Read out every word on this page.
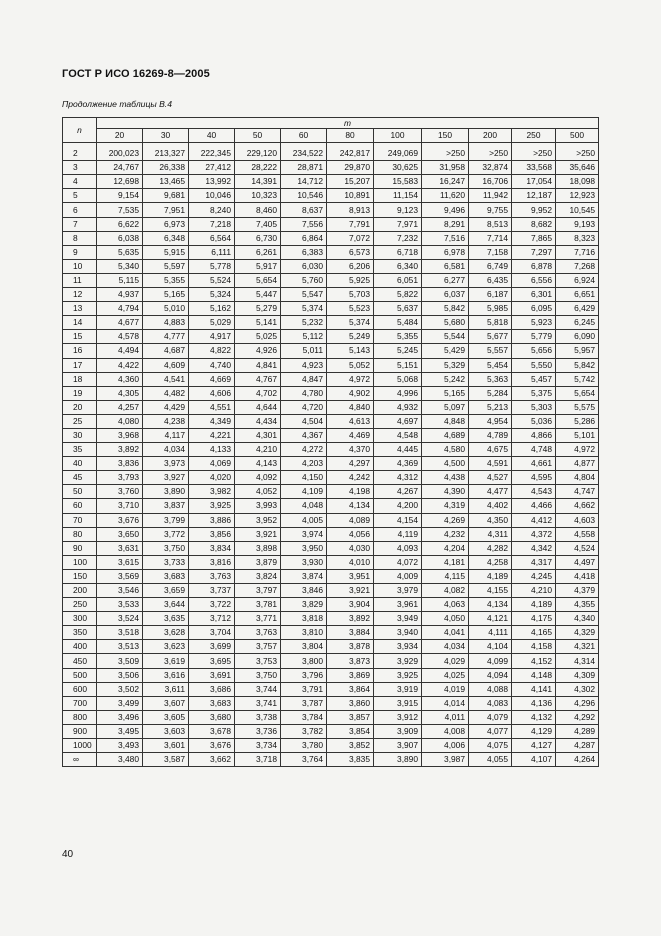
ГОСТ Р ИСО 16269-8—2005
Продолжение таблицы В.4
n	m										
	20	30	40	50	60	80	100	150	200	250	500
2	200,023	213,327	222,345	229,120	234,522	242,817	249,069	>250	>250	>250	>250
3	24,767	26,338	27,412	28,222	28,871	29,870	30,625	31,958	32,874	33,568	35,646
4	12,698	13,465	13,992	14,391	14,712	15,207	15,583	16,247	16,706	17,054	18,098
5	9,154	9,681	10,046	10,323	10,546	10,891	11,154	11,620	11,942	12,187	12,923
6	7,535	7,951	8,240	8,460	8,637	8,913	9,123	9,496	9,755	9,952	10,545
7	6,622	6,973	7,218	7,405	7,556	7,791	7,971	8,291	8,513	8,682	9,193
8	6,038	6,348	6,564	6,730	6,864	7,072	7,232	7,516	7,714	7,865	8,323
9	5,635	5,915	6,111	6,261	6,383	6,573	6,718	6,978	7,158	7,297	7,716
10	5,340	5,597	5,778	5,917	6,030	6,206	6,340	6,581	6,749	6,878	7,268
11	5,115	5,355	5,524	5,654	5,760	5,925	6,051	6,277	6,435	6,556	6,924
12	4,937	5,165	5,324	5,447	5,547	5,703	5,822	6,037	6,187	6,301	6,651
13	4,794	5,010	5,162	5,279	5,374	5,523	5,637	5,842	5,985	6,095	6,429
14	4,677	4,883	5,029	5,141	5,232	5,374	5,484	5,680	5,818	5,923	6,245
15	4,578	4,777	4,917	5,025	5,112	5,249	5,355	5,544	5,677	5,779	6,090
16	4,494	4,687	4,822	4,926	5,011	5,143	5,245	5,429	5,557	5,656	5,957
17	4,422	4,609	4,740	4,841	4,923	5,052	5,151	5,329	5,454	5,550	5,842
18	4,360	4,541	4,669	4,767	4,847	4,972	5,068	5,242	5,363	5,457	5,742
19	4,305	4,482	4,606	4,702	4,780	4,902	4,996	5,165	5,284	5,375	5,654
20	4,257	4,429	4,551	4,644	4,720	4,840	4,932	5,097	5,213	5,303	5,575
25	4,080	4,238	4,349	4,434	4,504	4,613	4,697	4,848	4,954	5,036	5,286
30	3,968	4,117	4,221	4,301	4,367	4,469	4,548	4,689	4,789	4,866	5,101
35	3,892	4,034	4,133	4,210	4,272	4,370	4,445	4,580	4,675	4,748	4,972
40	3,836	3,973	4,069	4,143	4,203	4,297	4,369	4,500	4,591	4,661	4,877
45	3,793	3,927	4,020	4,092	4,150	4,242	4,312	4,438	4,527	4,595	4,804
50	3,760	3,890	3,982	4,052	4,109	4,198	4,267	4,390	4,477	4,543	4,747
60	3,710	3,837	3,925	3,993	4,048	4,134	4,200	4,319	4,402	4,466	4,662
70	3,676	3,799	3,886	3,952	4,005	4,089	4,154	4,269	4,350	4,412	4,603
80	3,650	3,772	3,856	3,921	3,974	4,056	4,119	4,232	4,311	4,372	4,558
90	3,631	3,750	3,834	3,898	3,950	4,030	4,093	4,204	4,282	4,342	4,524
100	3,615	3,733	3,816	3,879	3,930	4,010	4,072	4,181	4,258	4,317	4,497
150	3,569	3,683	3,763	3,824	3,874	3,951	4,009	4,115	4,189	4,245	4,418
200	3,546	3,659	3,737	3,797	3,846	3,921	3,979	4,082	4,155	4,210	4,379
250	3,533	3,644	3,722	3,781	3,829	3,904	3,961	4,063	4,134	4,189	4,355
300	3,524	3,635	3,712	3,771	3,818	3,892	3,949	4,050	4,121	4,175	4,340
350	3,518	3,628	3,704	3,763	3,810	3,884	3,940	4,041	4,111	4,165	4,329
400	3,513	3,623	3,699	3,757	3,804	3,878	3,934	4,034	4,104	4,158	4,321
450	3,509	3,619	3,695	3,753	3,800	3,873	3,929	4,029	4,099	4,152	4,314
500	3,506	3,616	3,691	3,750	3,796	3,869	3,925	4,025	4,094	4,148	4,309
600	3,502	3,611	3,686	3,744	3,791	3,864	3,919	4,019	4,088	4,141	4,302
700	3,499	3,607	3,683	3,741	3,787	3,860	3,915	4,014	4,083	4,136	4,296
800	3,496	3,605	3,680	3,738	3,784	3,857	3,912	4,011	4,079	4,132	4,292
900	3,495	3,603	3,678	3,736	3,782	3,854	3,909	4,008	4,077	4,129	4,289
1000	3,493	3,601	3,676	3,734	3,780	3,852	3,907	4,006	4,075	4,127	4,287
∞	3,480	3,587	3,662	3,718	3,764	3,835	3,890	3,987	4,055	4,107	4,264
40
